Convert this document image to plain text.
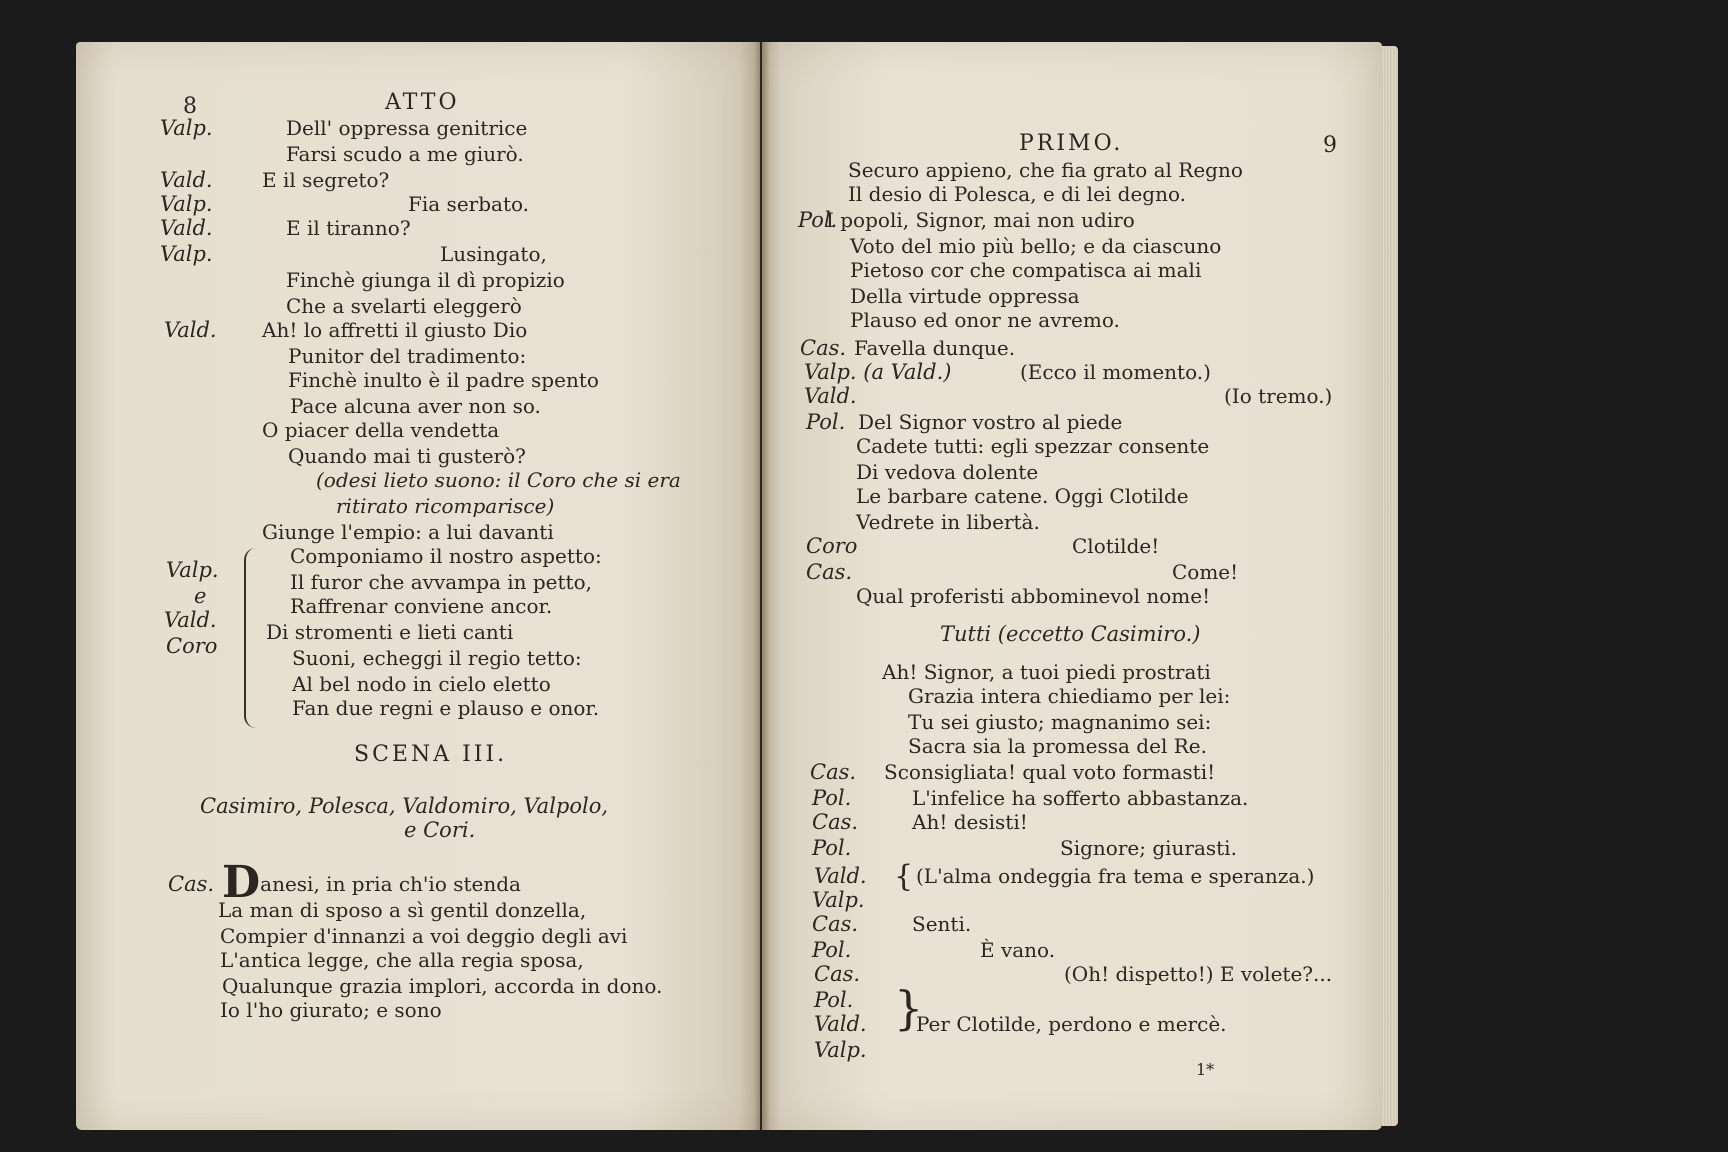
8	ATTO
Valp.	Dell' oppressa genitrice
Farsi scudo a me giurò.
Vald. E il segreto?
Valp.	Fia serbato.
Vald.	E il tiranno?
Valp.	Lusingato,
Finchè giunga il dì propizio
Che a svelarti eleggerò
Vald. Ah! lo affretti il giusto Dio
Punitor del tradimento:
Finchè inulto è il padre spento
Pace alcuna aver non so.
O piacer della vendetta
Quando mai ti gusterò?
(odesi lieto suono: il Coro che si era
ritirato ricomparisce)
Giunge l'empio: a lui davanti
Valp.
Componiamo il nostro aspetto:
e
Il furor che avvampa in petto,
Vald.
Raffrenar conviene ancor.
Coro
Di stromenti e lieti canti
Suoni, echeggi il regio tetto:
Al bel nodo in cielo eletto
Fan due regni e plauso e onor.
SCENA III.
Casimiro, Polesca, Valdomiro, Valpolo,
e Cori.
Cas. Danesi, in pria ch'io stenda
La man di sposo a sì gentil donzella,
Compier d'innanzi a voi deggio degli avi
L'antica legge, che alla regia sposa,
Qualunque grazia implori, accorda in dono.
Io l'ho giurato; e sono
PRIMO.	9
Securo appieno, che fia grato al Regno
Il desio di Polesca, e di lei degno.
Pol.
I popoli, Signor, mai non udiro
Voto del mio più bello; e da ciascuno
Pietoso cor che compatisca ai mali
Della virtude oppressa
Plauso ed onor ne avremo.
Cas. Favella dunque.
Valp. (a Vald.)	(Ecco il momento.)
Vald.	(Io tremo.)
Pol. Del Signor vostro al piede
Cadete tutti: egli spezzar consente
Di vedova dolente
Le barbare catene. Oggi Clotilde
Vedrete in libertà.
Coro	Clotilde!
Cas.	Come!
Qual proferisti abbominevol nome!
Tutti (eccetto Casimiro.)
Ah! Signor, a tuoi piedi prostrati
Grazia intera chiediamo per lei:
Tu sei giusto; magnanimo sei:
Sacra sia la promessa del Re.
Cas. Sconsigliata! qual voto formasti!
Pol.	L'infelice ha sofferto abbastanza.
Cas.	Ah! desisti!
Pol.	Signore; giurasti.
Vald. (L'alma ondeggia fra tema e speranza.)
Valp.
Cas.	Senti.
Pol.	È vano.
Cas.	(Oh! dispetto!) E volete?...
Pol.
Vald. Per Clotilde, perdono e mercè.
Valp.
1*
{
}
